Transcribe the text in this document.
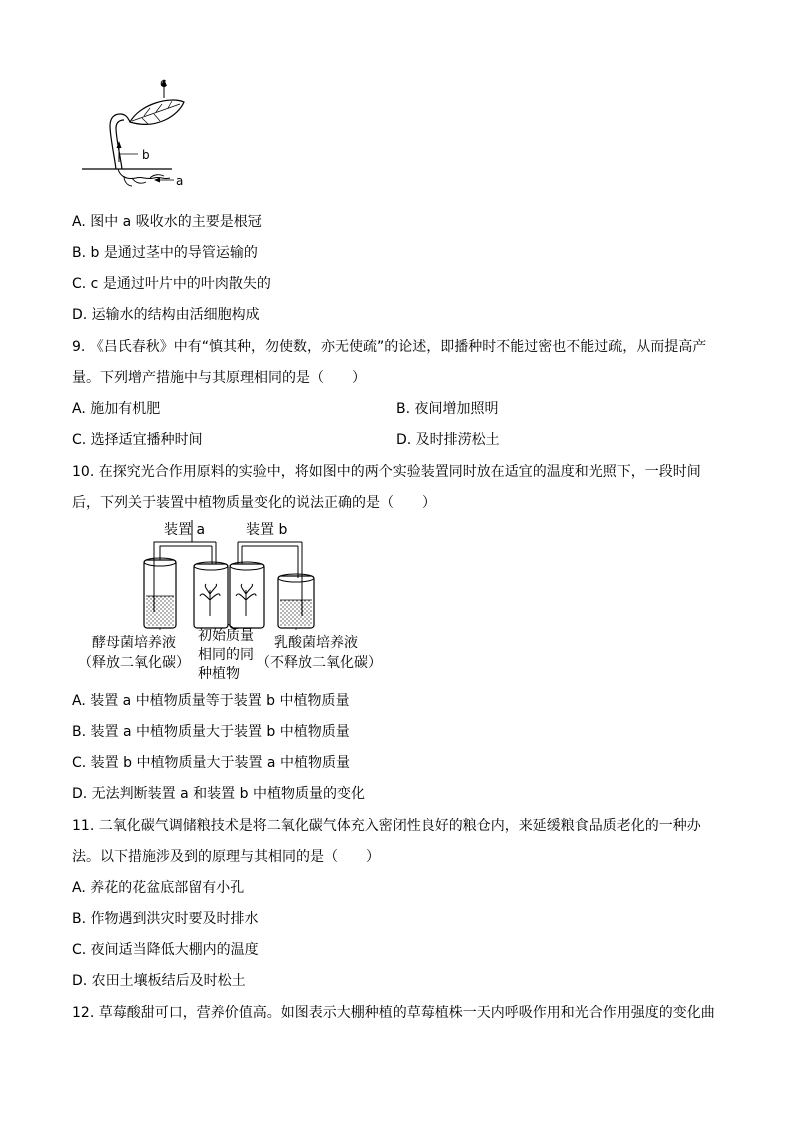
c
b
a
A. 图中 a 吸收水的主要是根冠
B. b 是通过茎中的导管运输的
C. c 是通过叶片中的叶肉散失的
D. 运输水的结构由活细胞构成
9. 《吕氏春秋》中有“慎其种，勿使数，亦无使疏”的论述，即播种时不能过密也不能过疏，从而提高产
量。下列增产措施中与其原理相同的是（　　）
A. 施加有机肥	B. 夜间增加照明
C. 选择适宜播种时间	D. 及时排涝松土
10. 在探究光合作用原料的实验中，将如图中的两个实验装置同时放在适宜的温度和光照下，一段时间
后，下列关于装置中植物质量变化的说法正确的是（　　）
装置 a	装置 b
酵母菌培养液
（释放二氧化碳）
初始质量
相同的同
种植物
乳酸菌培养液
（不释放二氧化碳）
A. 装置 a 中植物质量等于装置 b 中植物质量
B. 装置 a 中植物质量大于装置 b 中植物质量
C. 装置 b 中植物质量大于装置 a 中植物质量
D. 无法判断装置 a 和装置 b 中植物质量的变化
11. 二氧化碳气调储粮技术是将二氧化碳气体充入密闭性良好的粮仓内，来延缓粮食品质老化的一种办
法。以下措施涉及到的原理与其相同的是（　　）
A. 养花的花盆底部留有小孔
B. 作物遇到洪灾时要及时排水
C. 夜间适当降低大棚内的温度
D. 农田土壤板结后及时松土
12. 草莓酸甜可口，营养价值高。如图表示大棚种植的草莓植株一天内呼吸作用和光合作用强度的变化曲
